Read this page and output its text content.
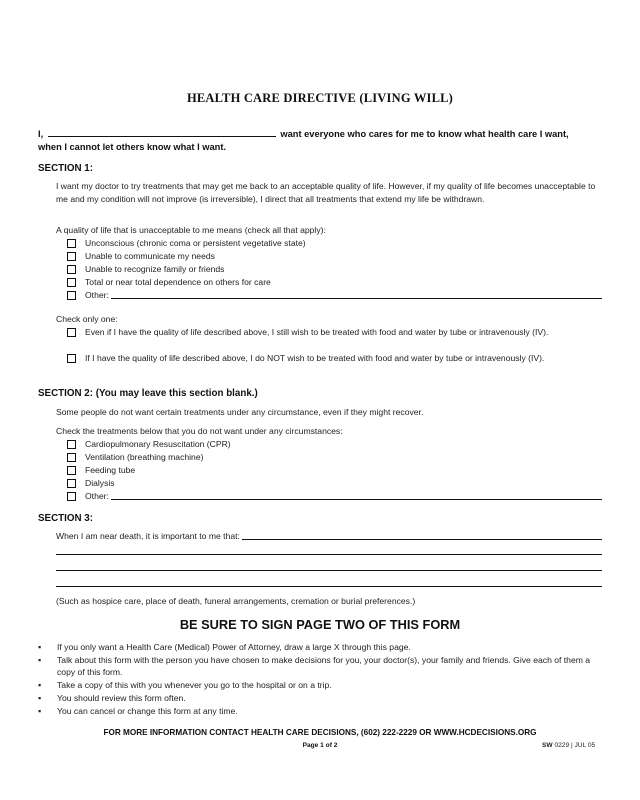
HEALTH CARE DIRECTIVE (LIVING WILL)
I,	want everyone who cares for me to know what health care I want,
when I cannot let others know what I want.
SECTION 1:
I want my doctor to try treatments that may get me back to an acceptable quality of life. However, if my quality of life becomes unacceptable to me and my condition will not improve (is irreversible), I direct that all treatments that extend my life be withdrawn.
A quality of life that is unacceptable to me means (check all that apply):
Unconscious (chronic coma or persistent vegetative state)
Unable to communicate my needs
Unable to recognize family or friends
Total or near total dependence on others for care
Other:
Check only one:
Even if I have the quality of life described above, I still wish to be treated with food and water by tube or intravenously (IV).
If I have the quality of life described above, I do NOT wish to be treated with food and water by tube or intravenously (IV).
SECTION 2: (You may leave this section blank.)
Some people do not want certain treatments under any circumstance, even if they might recover.
Check the treatments below that you do not want under any circumstances:
Cardiopulmonary Resuscitation (CPR)
Ventilation (breathing machine)
Feeding tube
Dialysis
Other:
SECTION 3:
When I am near death, it is important to me that:
(Such as hospice care, place of death, funeral arrangements, cremation or burial preferences.)
BE SURE TO SIGN PAGE TWO OF THIS FORM
▪ If you only want a Health Care (Medical) Power of Attorney, draw a large X through this page.
▪ Talk about this form with the person you have chosen to make decisions for you, your doctor(s), your family and friends. Give each of them a copy of this form.
▪ Take a copy of this with you whenever you go to the hospital or on a trip.
▪ You should review this form often.
▪ You can cancel or change this form at any time.
FOR MORE INFORMATION CONTACT HEALTH CARE DECISIONS, (602) 222-2229 OR WWW.HCDECISIONS.ORG
Page 1 of 2	SW 0229 | JUL 05
